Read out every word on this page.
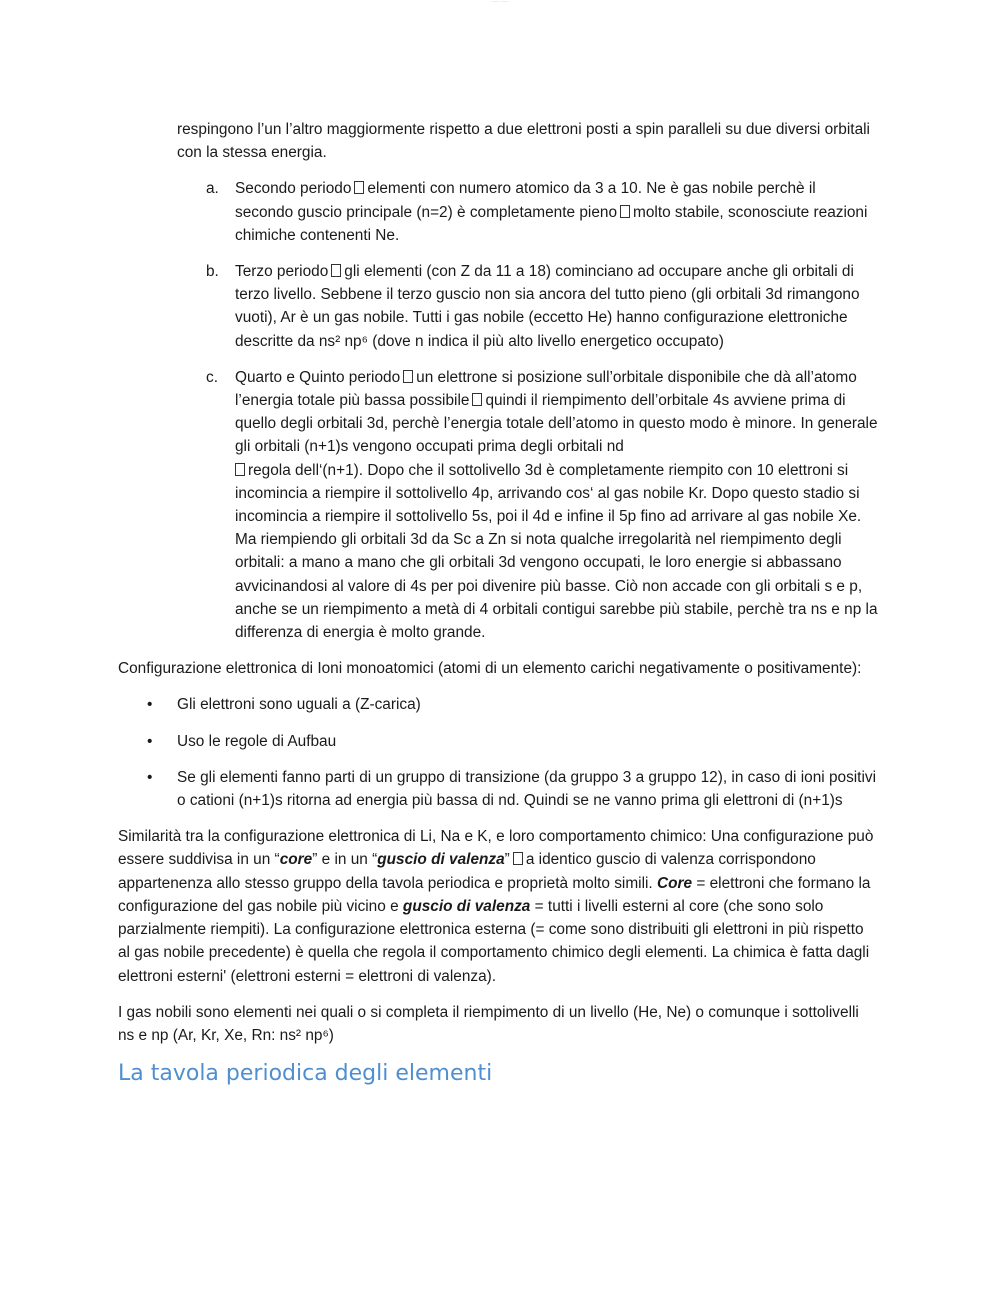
~~~ ~~~~

respingono l’un l’altro maggiormente rispetto a due elettroni posti a spin paralleli su due diversi orbitali con la stessa energia.

a. Secondo periodo elementi con numero atomico da 3 a 10. Ne è gas nobile perchè il secondo guscio principale (n=2) è completamente pieno molto stabile, sconosciute reazioni chimiche contenenti Ne.
b. Terzo periodo gli elementi (con Z da 11 a 18) cominciano ad occupare anche gli orbitali di terzo livello. Sebbene il terzo guscio non sia ancora del tutto pieno (gli orbitali 3d rimangono vuoti), Ar è un gas nobile. Tutti i gas nobile (eccetto He) hanno configurazione elettroniche descritte da ns² np⁶ (dove n indica il più alto livello energetico occupato)
c. Quarto e Quinto periodo un elettrone si posizione sull’orbitale disponibile che dà all’atomo l’energia totale più bassa possibile quindi il riempimento dell’orbitale 4s avviene prima di quello degli orbitali 3d, perchè l’energia totale dell’atomo in questo modo è minore. In generale gli orbitali (n+1)s vengono occupati prima degli orbitali nd
regola dell‘(n+1). Dopo che il sottolivello 3d è completamente riempito con 10 elettroni si incomincia a riempire il sottolivello 4p, arrivando cos‘ al gas nobile Kr. Dopo questo stadio si incomincia a riempire il sottolivello 5s, poi il 4d e infine il 5p fino ad arrivare al gas nobile Xe. Ma riempiendo gli orbitali 3d da Sc a Zn si nota qualche irregolarità nel riempimento degli orbitali: a mano a mano che gli orbitali 3d vengono occupati, le loro energie si abbassano avvicinandosi al valore di 4s per poi divenire più basse. Ciò non accade con gli orbitali s e p, anche se un riempimento a metà di 4 orbitali contigui sarebbe più stabile, perchè tra ns e np la differenza di energia è molto grande.

Configurazione elettronica di Ioni monoatomici (atomi di un elemento carichi negativamente o positivamente):

• Gli elettroni sono uguali a (Z-carica)
• Uso le regole di Aufbau
• Se gli elementi fanno parti di un gruppo di transizione (da gruppo 3 a gruppo 12), in caso di ioni positivi o cationi (n+1)s ritorna ad energia più bassa di nd. Quindi se ne vanno prima gli elettroni di (n+1)s

Similarità tra la configurazione elettronica di Li, Na e K, e loro comportamento chimico: Una configurazione può essere suddivisa in un “core” e in un “guscio di valenza” a identico guscio di valenza corrispondono appartenenza allo stesso gruppo della tavola periodica e proprietà molto simili. Core = elettroni che formano la configurazione del gas nobile più vicino e guscio di valenza = tutti i livelli esterni al core (che sono solo parzialmente riempiti). La configurazione elettronica esterna (= come sono distribuiti gli elettroni in più rispetto al gas nobile precedente) è quella che regola il comportamento chimico degli elementi. La chimica è fatta dagli elettroni esterni' (elettroni esterni = elettroni di valenza).

I gas nobili sono elementi nei quali o si completa il riempimento di un livello (He, Ne) o comunque i sottolivelli ns e np (Ar, Kr, Xe, Rn: ns² np⁶)

La tavola periodica degli elementi
